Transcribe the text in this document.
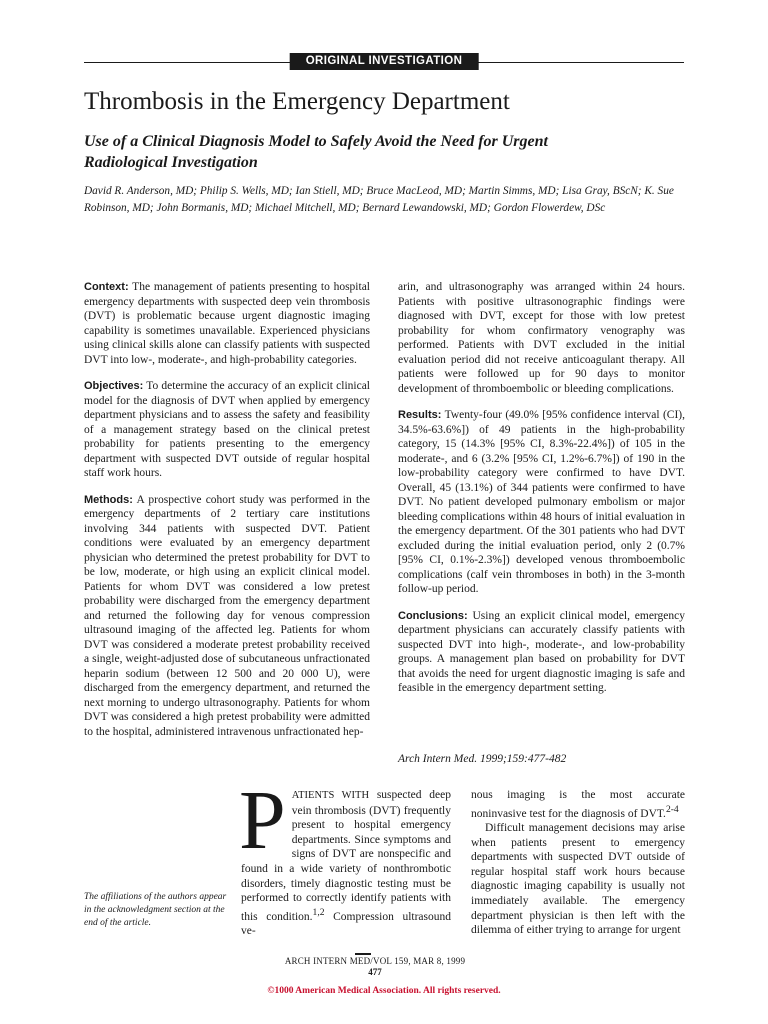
ORIGINAL INVESTIGATION
Thrombosis in the Emergency Department
Use of a Clinical Diagnosis Model to Safely Avoid the Need for Urgent Radiological Investigation

David R. Anderson, MD; Philip S. Wells, MD; Ian Stiell, MD; Bruce MacLeod, MD; Martin Simms, MD; Lisa Gray, BScN; K. Sue Robinson, MD; John Bormanis, MD; Michael Mitchell, MD; Bernard Lewandowski, MD; Gordon Flowerdew, DSc

Context: The management of patients presenting to hospital emergency departments with suspected deep vein thrombosis (DVT) is problematic because urgent diagnostic imaging capability is sometimes unavailable. Experienced physicians using clinical skills alone can classify patients with suspected DVT into low-, moderate-, and high-probability categories.

Objectives: To determine the accuracy of an explicit clinical model for the diagnosis of DVT when applied by emergency department physicians and to assess the safety and feasibility of a management strategy based on the clinical pretest probability for patients presenting to the emergency department with suspected DVT outside of regular hospital staff work hours.

Methods: A prospective cohort study was performed in the emergency departments of 2 tertiary care institutions involving 344 patients with suspected DVT. Patient conditions were evaluated by an emergency department physician who determined the pretest probability for DVT to be low, moderate, or high using an explicit clinical model. Patients for whom DVT was considered a low pretest probability were discharged from the emergency department and returned the following day for venous compression ultrasound imaging of the affected leg. Patients for whom DVT was considered a moderate pretest probability received a single, weight-adjusted dose of subcutaneous unfractionated heparin sodium (between 12 500 and 20 000 U), were discharged from the emergency department, and returned the next morning to undergo ultrasonography. Patients for whom DVT was considered a high pretest probability were admitted to the hospital, administered intravenous unfractionated hep-

arin, and ultrasonography was arranged within 24 hours. Patients with positive ultrasonographic findings were diagnosed with DVT, except for those with low pretest probability for whom confirmatory venography was performed. Patients with DVT excluded in the initial evaluation period did not receive anticoagulant therapy. All patients were followed up for 90 days to monitor development of thromboembolic or bleeding complications.

Results: Twenty-four (49.0% [95% confidence interval (CI), 34.5%-63.6%]) of 49 patients in the high-probability category, 15 (14.3% [95% CI, 8.3%-22.4%]) of 105 in the moderate-, and 6 (3.2% [95% CI, 1.2%-6.7%]) of 190 in the low-probability category were confirmed to have DVT. Overall, 45 (13.1%) of 344 patients were confirmed to have DVT. No patient developed pulmonary embolism or major bleeding complications within 48 hours of initial evaluation in the emergency department. Of the 301 patients who had DVT excluded during the initial evaluation period, only 2 (0.7% [95% CI, 0.1%-2.3%]) developed venous thromboembolic complications (calf vein thromboses in both) in the 3-month follow-up period.

Conclusions: Using an explicit clinical model, emergency department physicians can accurately classify patients with suspected DVT into high-, moderate-, and low-probability groups. A management plan based on probability for DVT that avoids the need for urgent diagnostic imaging is safe and feasible in the emergency department setting.

Arch Intern Med. 1999;159:477-482

The affiliations of the authors appear in the acknowledgment section at the end of the article.

PATIENTS WITH suspected deep vein thrombosis (DVT) frequently present to hospital emergency departments. Since symptoms and signs of DVT are nonspecific and found in a wide variety of nonthrombotic disorders, timely diagnostic testing must be performed to correctly identify patients with this condition.$^{1,2}$ Compression ultrasound ve-

nous imaging is the most accurate noninvasive test for the diagnosis of DVT.$^{2-4}$

Difficult management decisions may arise when patients present to emergency departments with suspected DVT outside of regular hospital staff work hours because diagnostic imaging capability is usually not immediately available. The emergency department physician is then left with the dilemma of either trying to arrange for urgent

ARCH INTERN MED/VOL 159, MAR 8, 1999

477

©1000 American Medical Association. All rights reserved.
